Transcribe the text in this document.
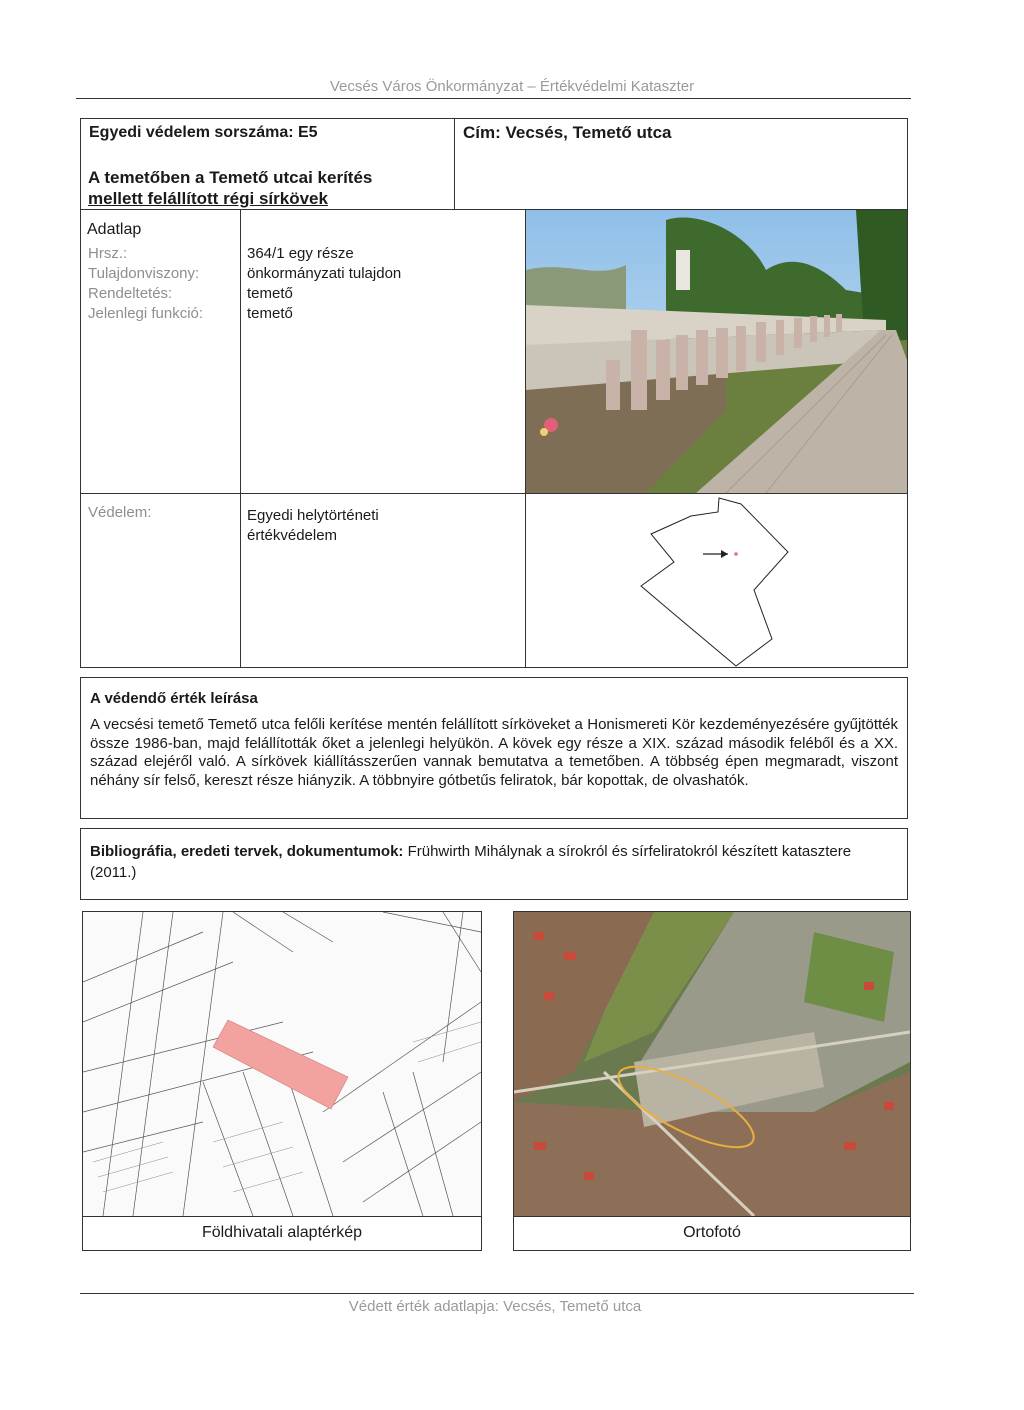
Vecsés Város Önkormányzat – Értékvédelmi Kataszter
Egyedi védelem sorszáma: E5
A temetőben a Temető utcai kerítés
mellett felállított régi sírkövek
Cím: Vecsés, Temető utca
Adatlap
Hrsz.:
Tulajdonviszony:
Rendeltetés:
Jelenlegi funkció:
364/1 egy része
önkormányzati tulajdon
temető
temető
Védelem:	Egyedi helytörténeti
értékvédelem
A védendő érték leírása
A vecsési temető Temető utca felőli kerítése mentén felállított sírköveket a Honismereti Kör kezdeményezésére gyűjtötték össze 1986-ban, majd felállították őket a jelenlegi helyükön. A kövek egy része a XIX. század második feléből és a XX. század elejéről való. A sírkövek kiállításszerűen vannak bemutatva a temetőben. A többség épen megmaradt, viszont néhány sír felső, kereszt része hiányzik. A többnyire gótbetűs feliratok, bár kopottak, de olvashatók.
Bibliográfia, eredeti tervek, dokumentumok: Frühwirth Mihálynak a sírokról és sírfeliratokról készített katasztere (2011.)
Földhivatali alaptérkép	Ortofotó
Védett érték adatlapja: Vecsés, Temető utca
